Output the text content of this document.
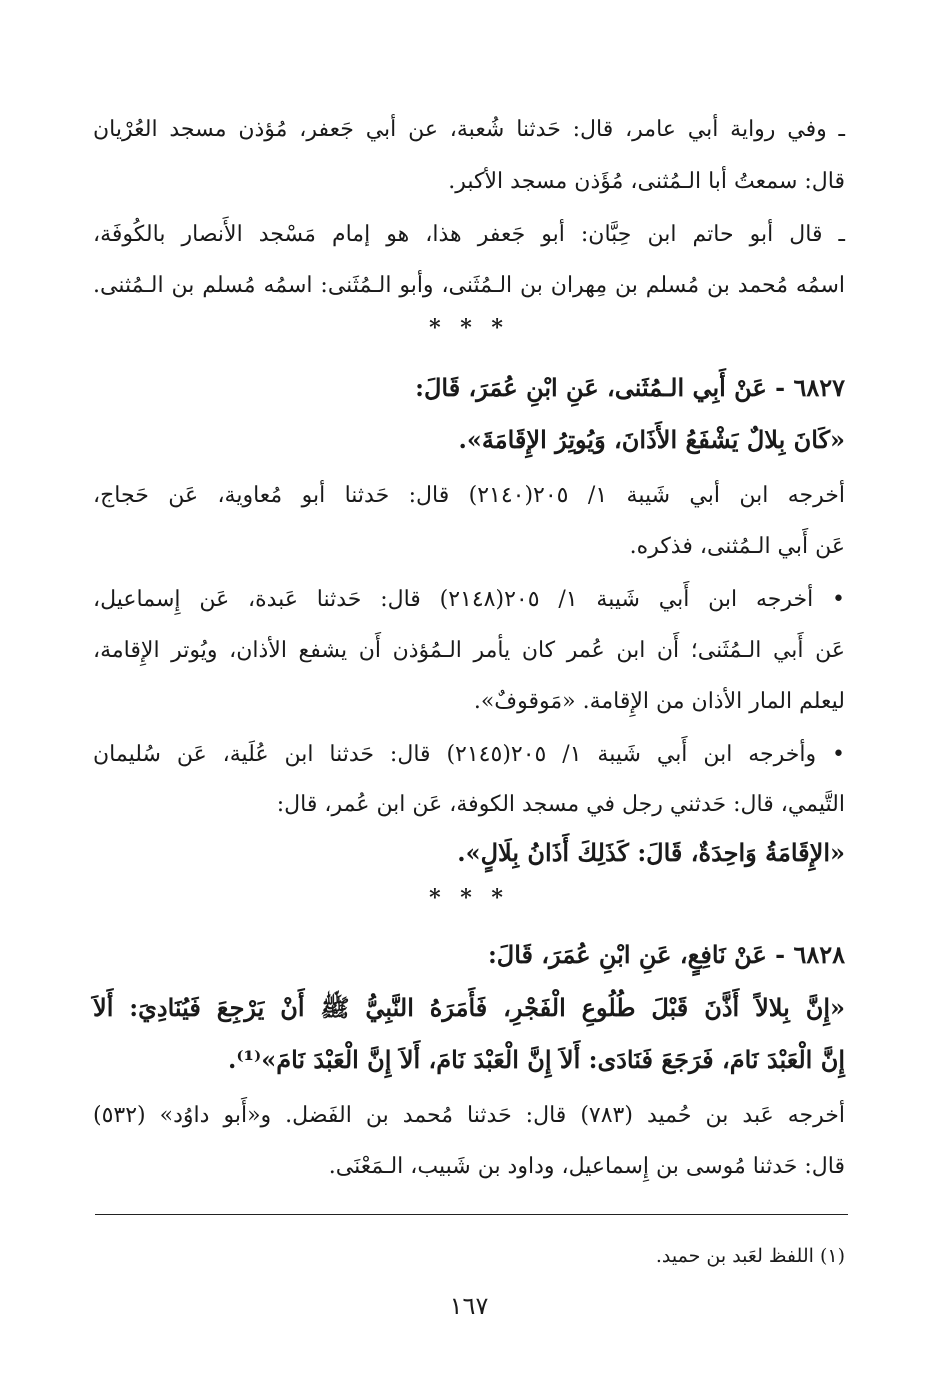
ـ وفي رواية أبي عامر، قال: حَدثنا شُعبة، عن أبي جَعفر، مُؤذن مسجد العُرْيان
قال: سمعتُ أبا الـمُثنى، مُؤَذن مسجد الأكبر.
ـ قال أبو حاتم ابن حِبَّان: أبو جَعفر هذا، هو إمام مَسْجد الأَنصار بالكُوفَة،
اسمُه مُحمد بن مُسلم بن مِهران بن الـمُثَنى، وأبو الـمُثَنى: اسمُه مُسلم بن الـمُثنى.
* * *
٦٨٢٧ - عَنْ أَبِي الـمُثَنى، عَنِ ابْنِ عُمَرَ، قَالَ:
«كَانَ بِلالٌ يَشْفَعُ الأَذَانَ، وَيُوتِرُ الإِقَامَةَ».
أخرجه ابن أبي شَيبة ١/ ٢٠٥(٢١٤٠) قال: حَدثنا أبو مُعاوية، عَن حَجاج،
عَن أَبي الـمُثنى، فذكره.
• أخرجه ابن أَبي شَيبة ١/ ٢٠٥(٢١٤٨) قال: حَدثنا عَبدة، عَن إِسماعيل،
عَن أَبي الـمُثَنى؛ أَن ابن عُمر كان يأمر الـمُؤذن أَن يشفع الأذان، ويُوتر الإِقامة،
ليعلم المار الأذان من الإِقامة. «مَوقوفٌ».
• وأخرجه ابن أَبي شَيبة ١/ ٢٠٥(٢١٤٥) قال: حَدثنا ابن عُلَية، عَن سُليمان
التَّيمي، قال: حَدثني رجل في مسجد الكوفة، عَن ابن عُمر، قال:
«الإِقَامَةُ وَاحِدَةٌ، قَالَ: كَذَلِكَ أَذَانُ بِلَالٍ».
* * *
٦٨٢٨ - عَنْ نَافِعٍ، عَنِ ابْنِ عُمَرَ، قَالَ:
«إِنَّ بِلالاً أَذَّنَ قَبْلَ طُلُوعِ الْفَجْرِ، فَأَمَرَهُ النَّبِيُّ ﷺ أَنْ يَرْجِعَ فَيُنَادِيَ: أَلاَ
إِنَّ الْعَبْدَ نَامَ، فَرَجَعَ فَنَادَى: أَلاَ إِنَّ الْعَبْدَ نَامَ، أَلاَ إِنَّ الْعَبْدَ نَامَ»⁽¹⁾.
أخرجه عَبد بن حُميد (٧٨٣) قال: حَدثنا مُحمد بن الفَضل. و«أَبو داوُد» (٥٣٢)
قال: حَدثنا مُوسى بن إِسماعيل، وداود بن شَبيب، الـمَعْنَى.
(١) اللفظ لعَبد بن حميد.
١٦٧
